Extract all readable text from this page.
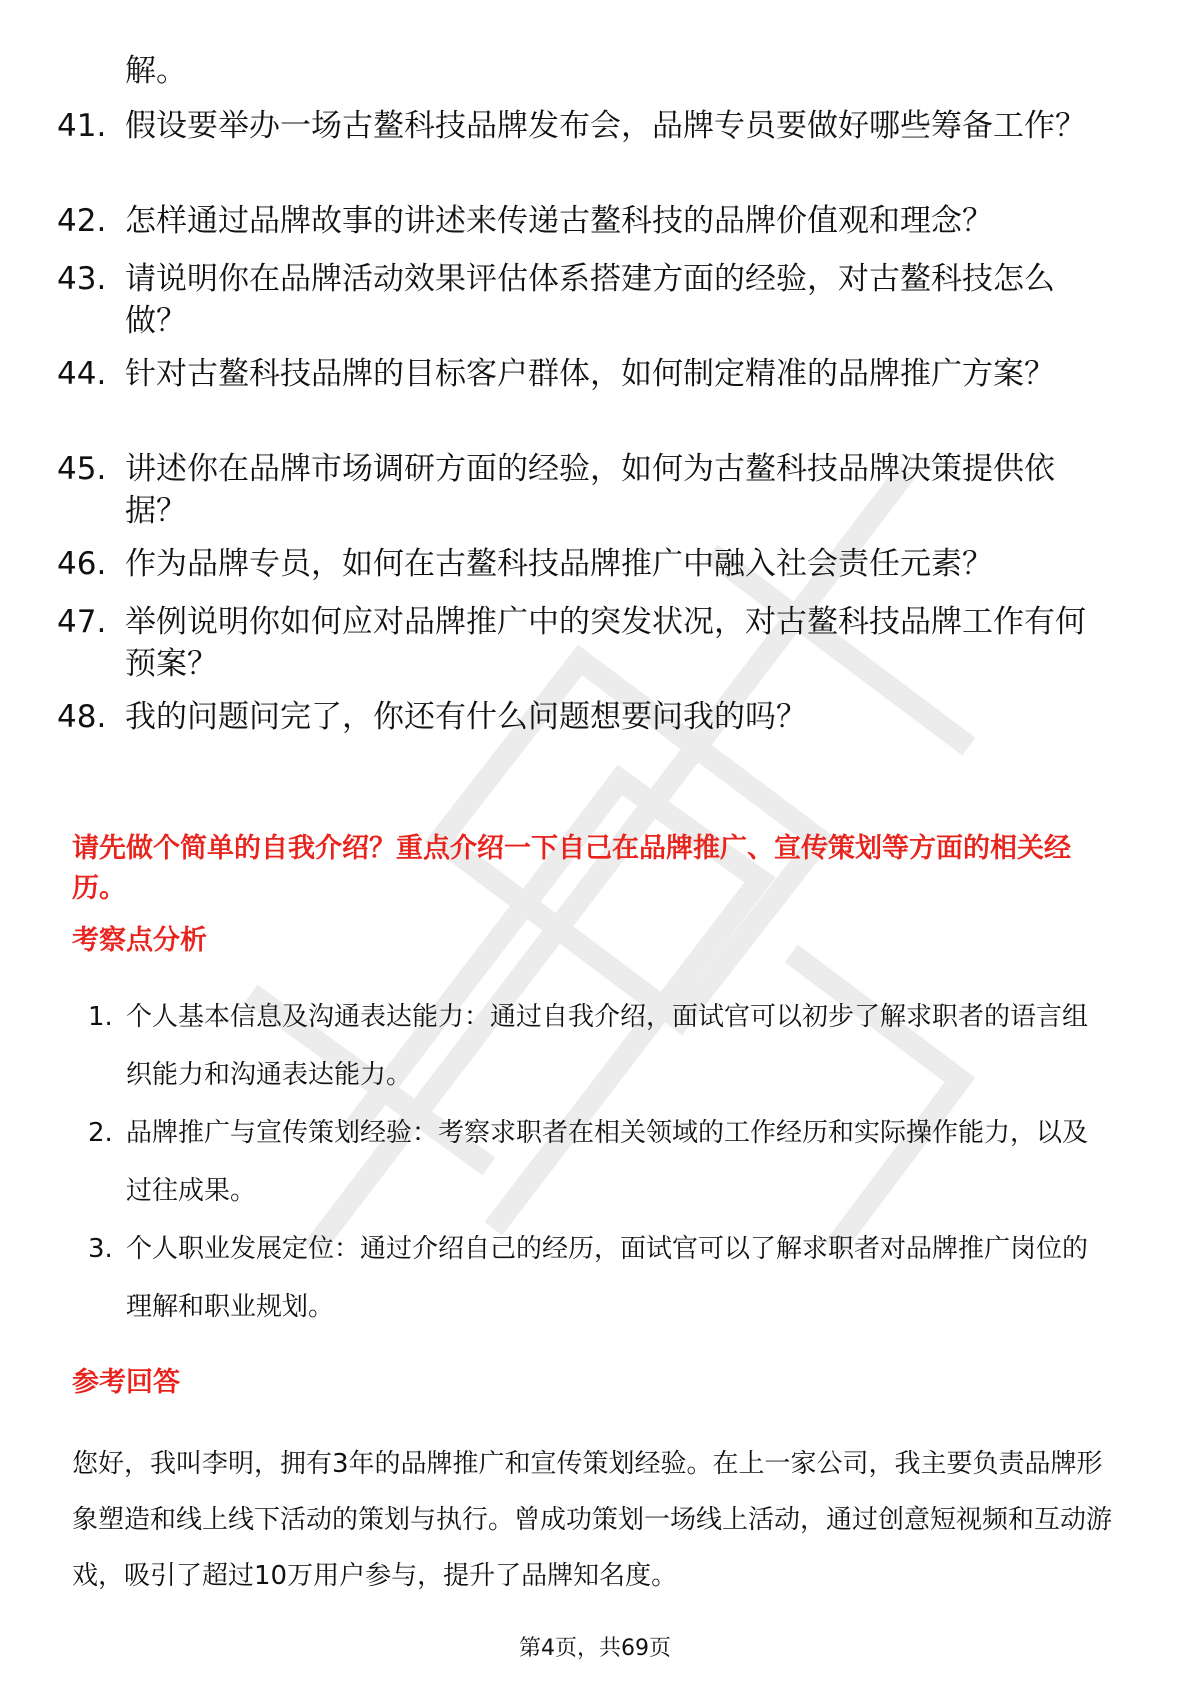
解。
41. 假设要举办一场古鳌科技品牌发布会，品牌专员要做好哪些筹备工作？
42. 怎样通过品牌故事的讲述来传递古鳌科技的品牌价值观和理念？
43. 请说明你在品牌活动效果评估体系搭建方面的经验，对古鳌科技怎么做？
44. 针对古鳌科技品牌的目标客户群体，如何制定精准的品牌推广方案？
45. 讲述你在品牌市场调研方面的经验，如何为古鳌科技品牌决策提供依据？
46. 作为品牌专员，如何在古鳌科技品牌推广中融入社会责任元素？
47. 举例说明你如何应对品牌推广中的突发状况，对古鳌科技品牌工作有何预案？
48. 我的问题问完了，你还有什么问题想要问我的吗？
请先做个简单的自我介绍？重点介绍一下自己在品牌推广、宣传策划等方面的相关经历。
考察点分析
1. 个人基本信息及沟通表达能力：通过自我介绍，面试官可以初步了解求职者的语言组织能力和沟通表达能力。
2. 品牌推广与宣传策划经验：考察求职者在相关领域的工作经历和实际操作能力，以及过往成果。
3. 个人职业发展定位：通过介绍自己的经历，面试官可以了解求职者对品牌推广岗位的理解和职业规划。
参考回答
您好，我叫李明，拥有3年的品牌推广和宣传策划经验。在上一家公司，我主要负责品牌形象塑造和线上线下活动的策划与执行。曾成功策划一场线上活动，通过创意短视频和互动游戏，吸引了超过10万用户参与，提升了品牌知名度。
第4页，共69页
